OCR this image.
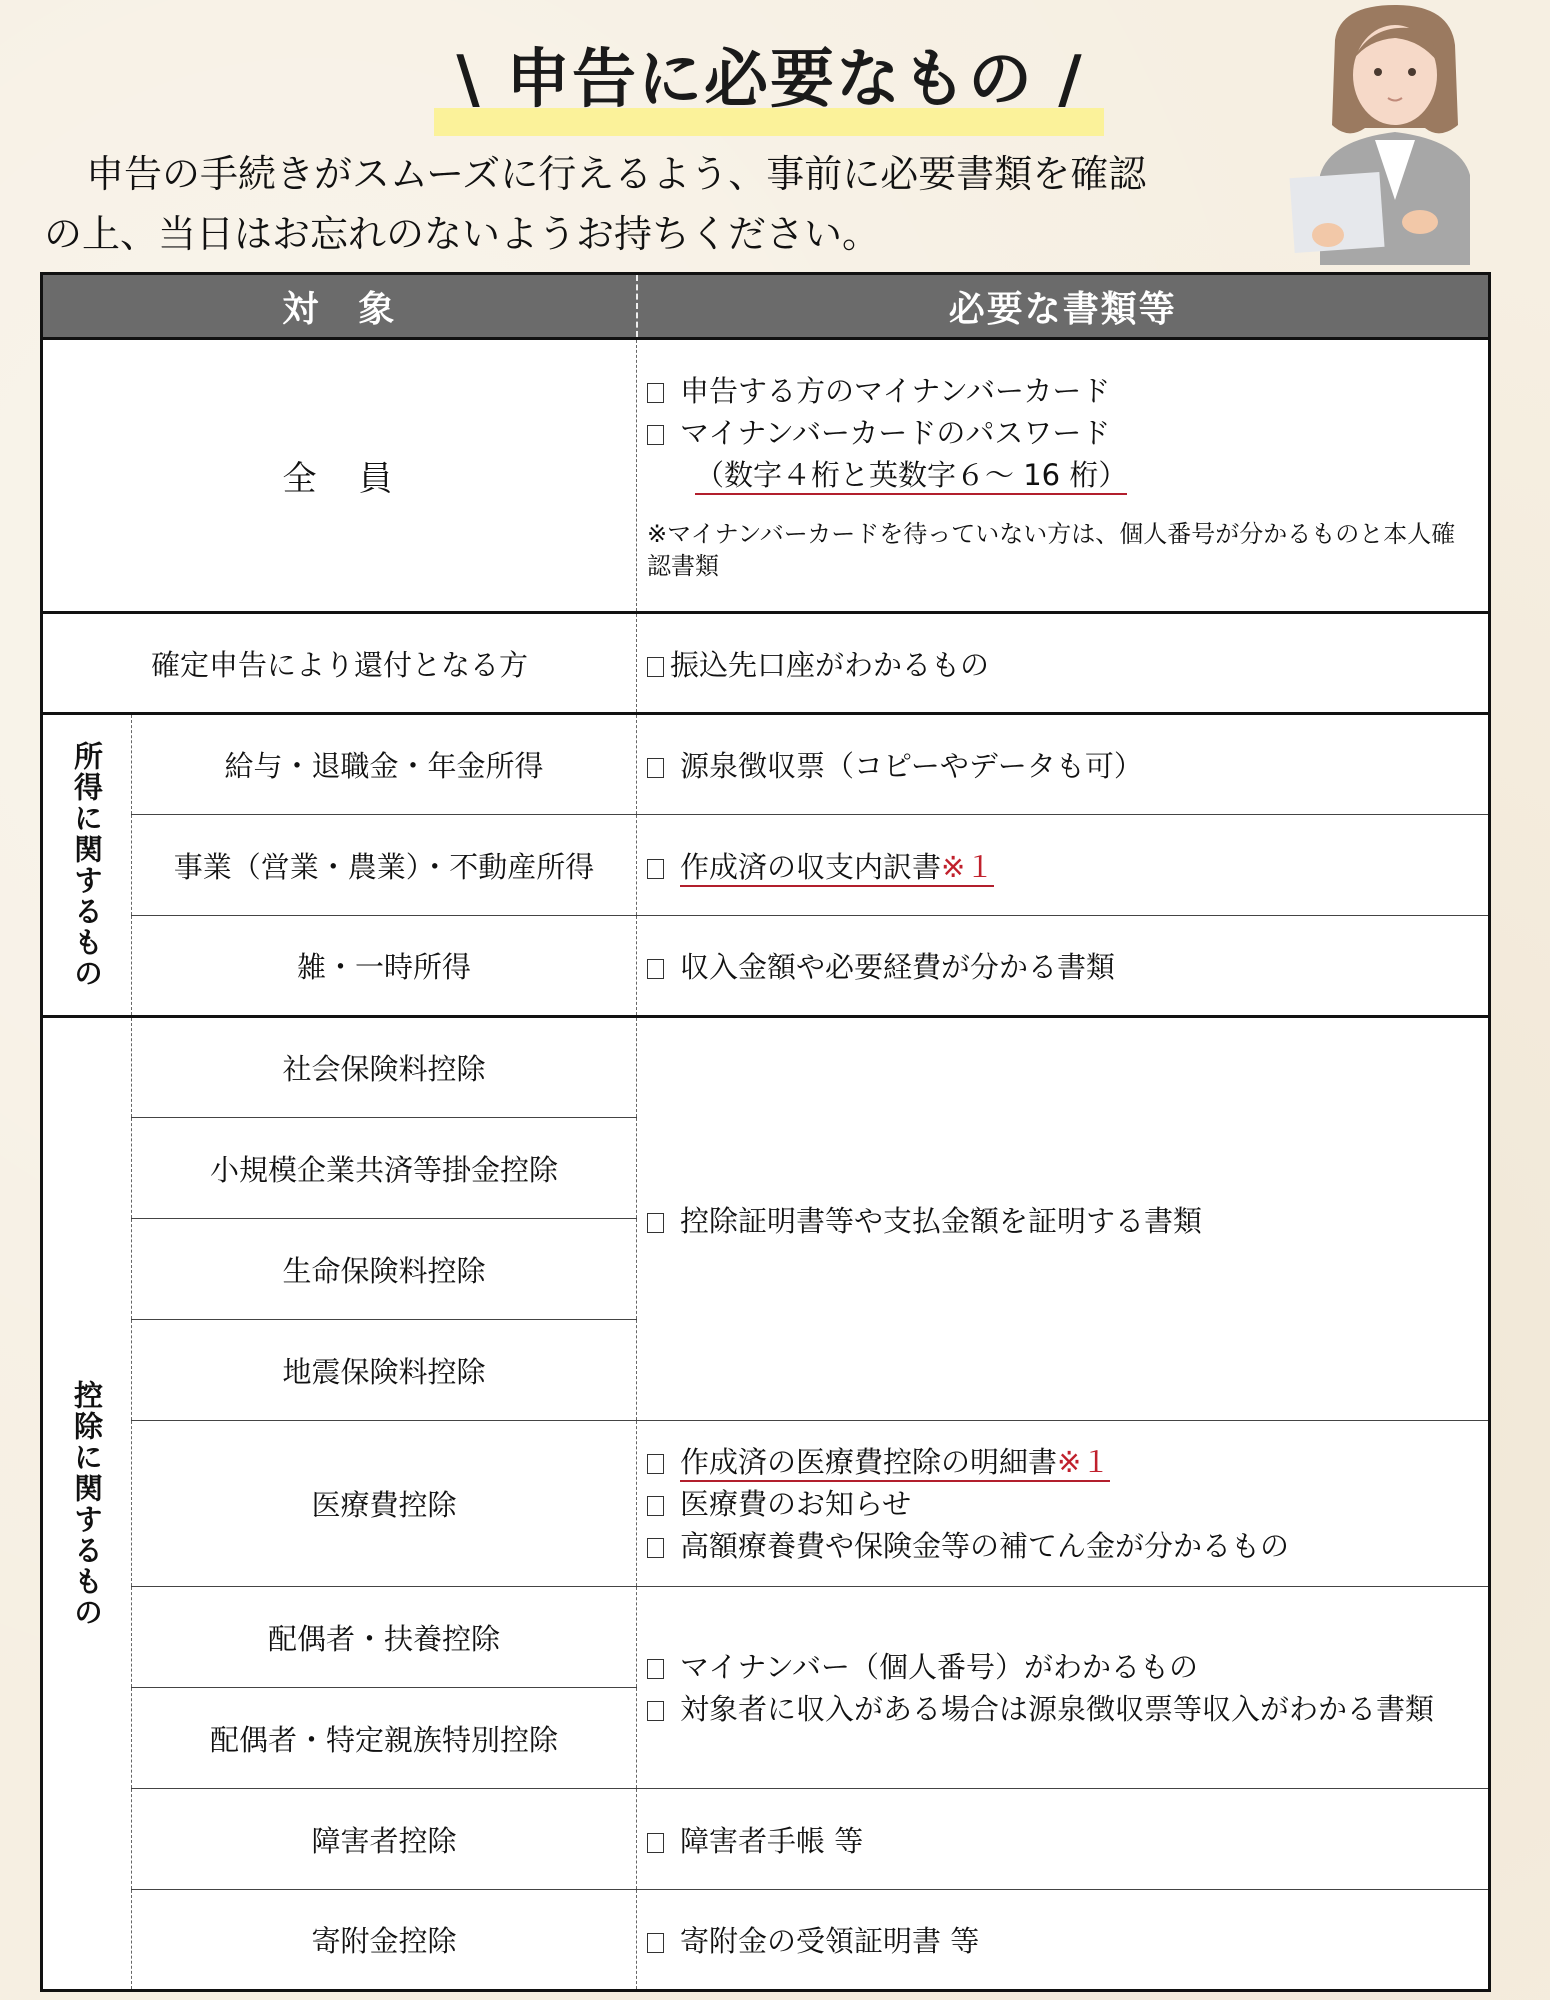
\ 申告に必要なもの /
申告の手続きがスムーズに行えるよう、事前に必要書類を確認
の上、当日はお忘れのないようお持ちください。
対　象		必要な書類等
全　員		申告する方のマイナンバーカード
マイナンバーカードのパスワード
（数字４桁と英数字６～ 16 桁）
※マイナンバーカードを待っていない方は、個人番号が分かるものと本人確認書類

確定申告により還付となる方		振込先口座がわかるもの
所得に関するもの	給与・退職金・年金所得	源泉徴収票（コピーやデータも可）
	事業（営業・農業）・不動産所得	作成済の収支内訳書※１
	雑・一時所得	収入金額や必要経費が分かる書類
控除に関するもの	社会保険料控除	控除証明書等や支払金額を証明する書類
	小規模企業共済等掛金控除	
	生命保険料控除	
	地震保険料控除	
	医療費控除	作成済の医療費控除の明細書※１
医療費のお知らせ
高額療養費や保険金等の補てん金が分かるもの

	配偶者・扶養控除	マイナンバー（個人番号）がわかるもの
対象者に収入がある場合は源泉徴収票等収入がわかる書類

	配偶者・特定親族特別控除	
	障害者控除	障害者手帳 等
	寄附金控除	寄附金の受領証明書 等
